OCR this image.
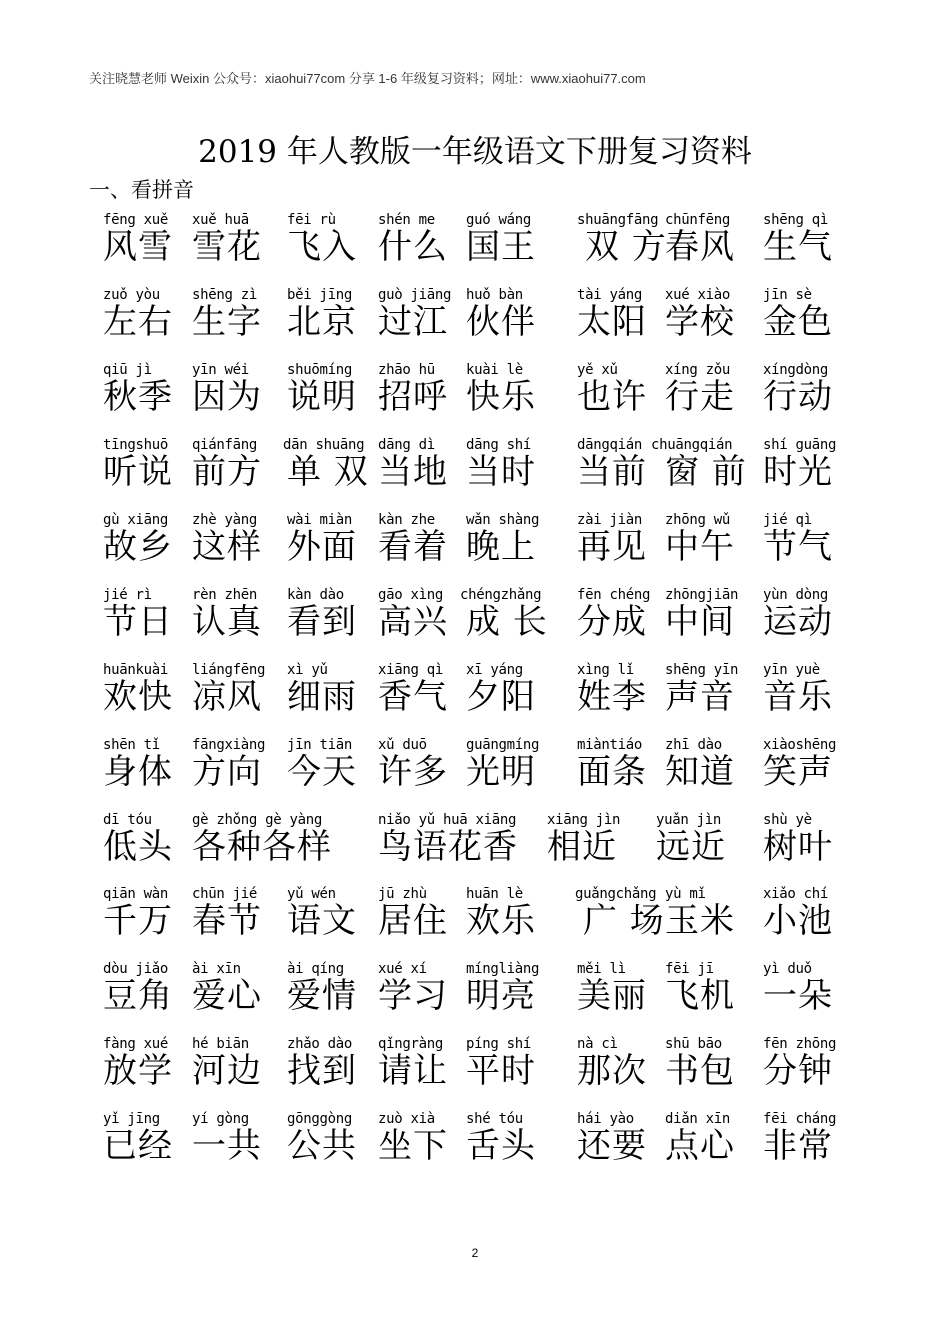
关注晓慧老师 Weixin 公众号：xiaohui77com 分享 1-6 年级复习资料；网址：www.xiaohui77.com
2019 年人教版一年级语文下册复习资料
一、看拼音
fēng xuě
风雪
xuě huā
雪花
fēi rù
飞入
shén me
什么
guó wáng
国王
shuāngfāng
双 方
chūnfēng
春风
shēng qì
生气
zuǒ yòu
左右
shēng zì
生字
běi jīng
北京
guò jiāng
过江
huǒ bàn
伙伴
tài yáng
太阳
xué xiào
学校
jīn sè
金色
qiū jì
秋季
yīn wéi
因为
shuōmíng
说明
zhāo hū
招呼
kuài lè
快乐
yě xǔ
也许
xíng zǒu
行走
xíngdòng
行动
tīngshuō
听说
qiánfāng
前方
dān shuāng
单 双
dāng dì
当地
dāng shí
当时
dāngqián
当前
chuāngqián
窗 前
shí guāng
时光
gù xiāng
故乡
zhè yàng
这样
wài miàn
外面
kàn zhe
看着
wǎn shàng
晚上
zài jiàn
再见
zhōng wǔ
中午
jié qì
节气
jié rì
节日
rèn zhēn
认真
kàn dào
看到
gāo xìng
高兴
chéngzhǎng
成 长
fēn chéng
分成
zhōngjiān
中间
yùn dòng
运动
huānkuài
欢快
liángfēng
凉风
xì yǔ
细雨
xiāng qì
香气
xī yáng
夕阳
xìng lǐ
姓李
shēng yīn
声音
yīn yuè
音乐
shēn tǐ
身体
fāngxiàng
方向
jīn tiān
今天
xǔ duō
许多
guāngmíng
光明
miàntiáo
面条
zhī dào
知道
xiàoshēng
笑声
dī tóu
低头
gè zhǒng gè yàng
各种各样
niǎo yǔ huā xiāng
鸟语花香
xiāng jìn
相近
yuǎn jìn
远近
shù yè
树叶
qiān wàn
千万
chūn jié
春节
yǔ wén
语文
jū zhù
居住
huān lè
欢乐
guǎngchǎng
广 场
yù mǐ
玉米
xiǎo chí
小池
dòu jiǎo
豆角
ài xīn
爱心
ài qíng
爱情
xué xí
学习
míngliàng
明亮
měi lì
美丽
fēi jī
飞机
yì duǒ
一朵
fàng xué
放学
hé biān
河边
zhǎo dào
找到
qǐngràng
请让
píng shí
平时
nà cì
那次
shū bāo
书包
fēn zhōng
分钟
yǐ jīng
已经
yí gòng
一共
gōnggòng
公共
zuò xià
坐下
shé tóu
舌头
hái yào
还要
diǎn xīn
点心
fēi cháng
非常
2
